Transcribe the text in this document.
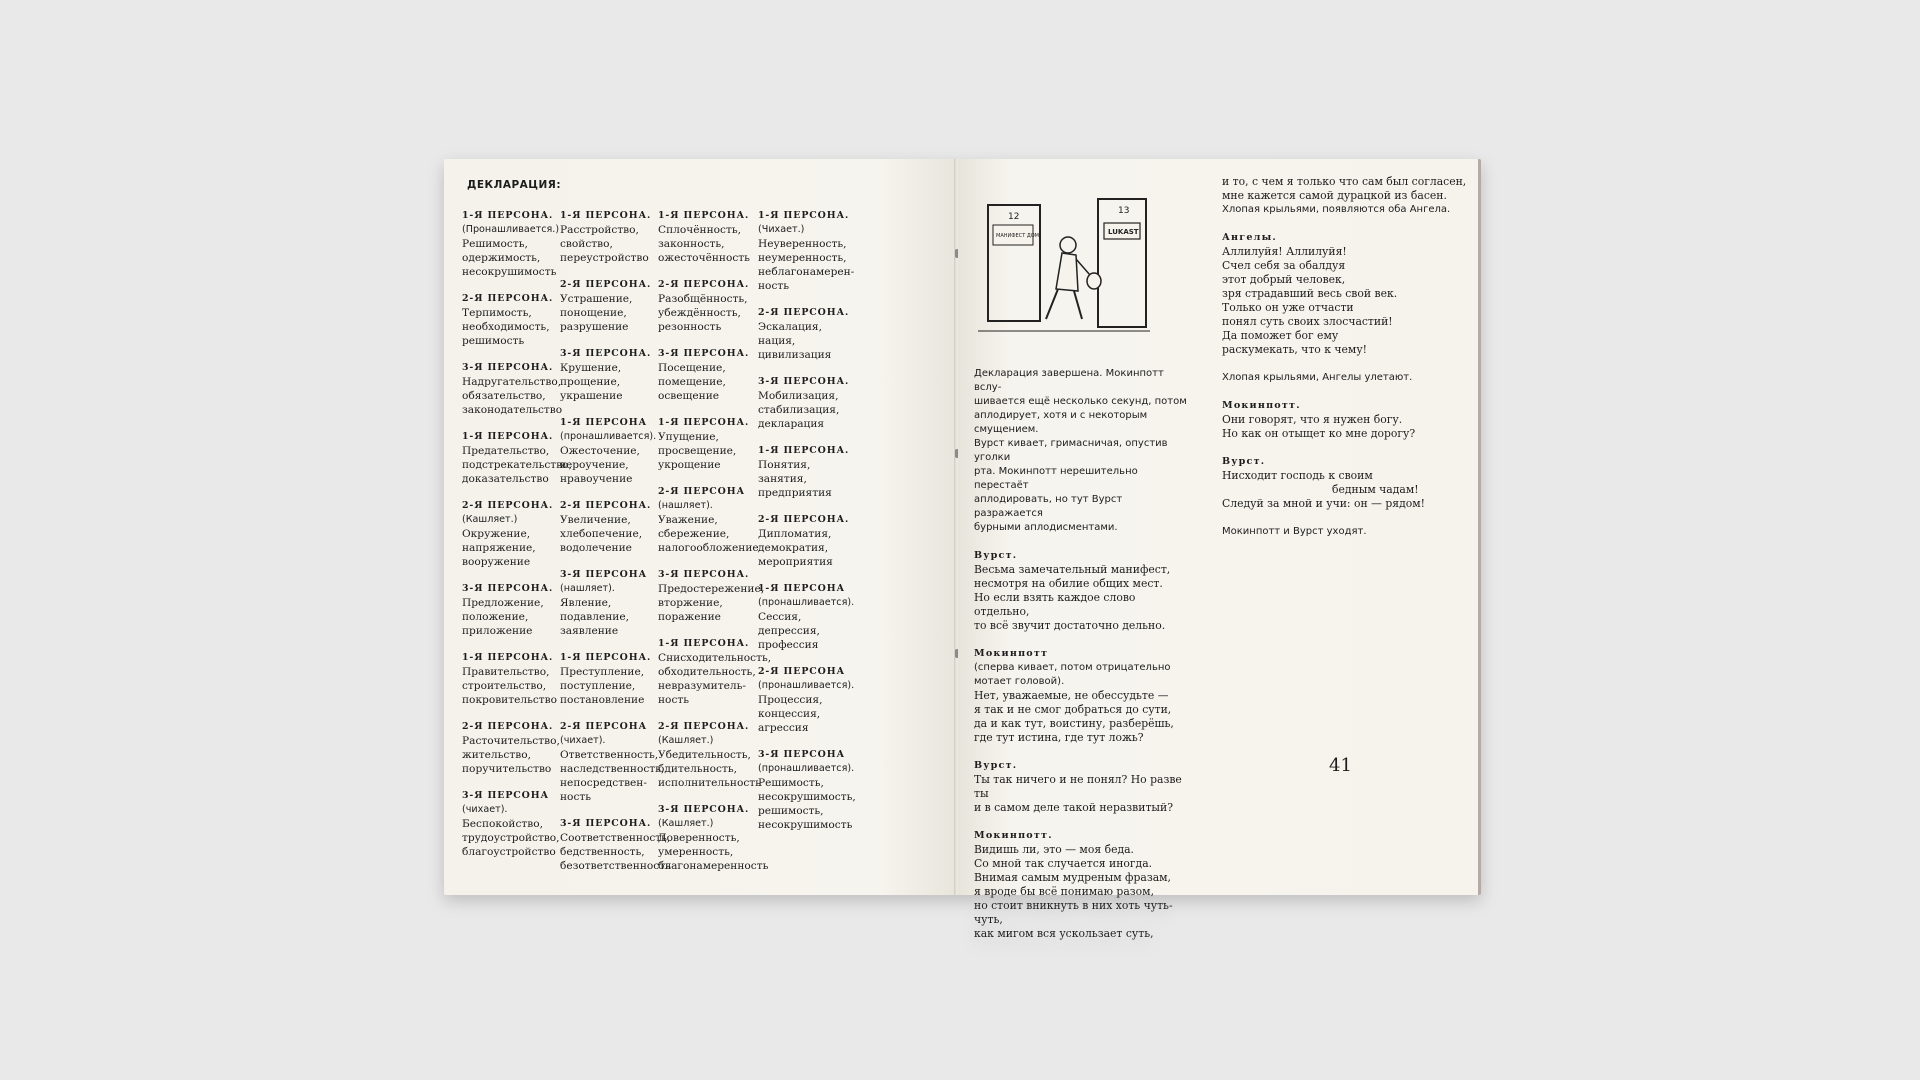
ДЕКЛАРАЦИЯ:
1-Я ПЕРСОНА.
(Пронашливается.)
Решимость,
одержимость,
несокрушимость
2-Я ПЕРСОНА.
Терпимость,
необходимость,
решимость
3-Я ПЕРСОНА.
Надругательство,
обязательство,
законодательство
1-Я ПЕРСОНА.
Предательство,
подстрекательство,
доказательство
2-Я ПЕРСОНА.
(Кашляет.)
Окружение,
напряжение,
вооружение
3-Я ПЕРСОНА.
Предложение,
положение,
приложение
1-Я ПЕРСОНА.
Правительство,
строительство,
покровительство
2-Я ПЕРСОНА.
Расточительство,
жительство,
поручительство
3-Я ПЕРСОНА
(чихает).
Беспокойство,
трудоустройство,
благоустройство
1-Я ПЕРСОНА.
Расстройство,
свойство,
переустройство
2-Я ПЕРСОНА.
Устрашение,
понощение,
разрушение
3-Я ПЕРСОНА.
Крушение,
прощение,
украшение
1-Я ПЕРСОНА
(пронашливается).
Ожесточение,
вероучение,
нравоучение
2-Я ПЕРСОНА.
Увеличение,
хлебопечение,
водолечение
3-Я ПЕРСОНА
(нашляет).
Явление,
подавление,
заявление
1-Я ПЕРСОНА.
Преступление,
поступление,
постановление
2-Я ПЕРСОНА
(чихает).
Ответственность,
наследственность,
непосредствен-
ность
3-Я ПЕРСОНА.
Соответственность,
бедственность,
безответственность
1-Я ПЕРСОНА.
Сплочённость,
законность,
ожесточённость
2-Я ПЕРСОНА.
Разобщённость,
убеждённость,
резонность
3-Я ПЕРСОНА.
Посещение,
помещение,
освещение
1-Я ПЕРСОНА.
Упущение,
просвещение,
укрощение
2-Я ПЕРСОНА
(нашляет).
Уважение,
сбережение,
налогообложение
3-Я ПЕРСОНА.
Предостережение,
вторжение,
поражение
1-Я ПЕРСОНА.
Снисходительность,
обходительность,
невразумитель-
ность
2-Я ПЕРСОНА.
(Кашляет.)
Убедительность,
бдительность,
исполнительность
3-Я ПЕРСОНА.
(Кашляет.)
Доверенность,
умеренность,
благонамеренность
1-Я ПЕРСОНА.
(Чихает.)
Неуверенность,
неумеренность,
неблагонамерен-
ность
2-Я ПЕРСОНА.
Эскалация,
нация,
цивилизация
3-Я ПЕРСОНА.
Мобилизация,
стабилизация,
декларация
1-Я ПЕРСОНА.
Понятия,
занятия,
предприятия
2-Я ПЕРСОНА.
Дипломатия,
демократия,
мероприятия
1-Я ПЕРСОНА
(пронашливается).
Сессия,
депрессия,
профессия
2-Я ПЕРСОНА
(пронашливается).
Процессия,
концессия,
агрессия
3-Я ПЕРСОНА
(пронашливается).
Решимость,
несокрушимость,
решимость,
несокрушимость
12
МАНИФЕСТ ДОМ
13
LUKAST
Декларация завершена. Мокинпотт вслу-
шивается ещё несколько секунд, потом
аплодирует, хотя и с некоторым смущением.
Вурст кивает, гримасничая, опустив уголки
рта. Мокинпотт нерешительно перестаёт
аплодировать, но тут Вурст разражается
бурными аплодисментами.
Вурст.
Весьма замечательный манифест,
несмотря на обилие общих мест.
Но если взять каждое слово отдельно,
то всё звучит достаточно дельно.
Мокинпотт
(сперва кивает, потом отрицательно
мотает головой).
Нет, уважаемые, не обессудьте —
я так и не смог добраться до сути,
да и как тут, воистину, разберёшь,
где тут истина, где тут ложь?
Вурст.
Ты так ничего и не понял? Но разве ты
и в самом деле такой неразвитый?
Мокинпотт.
Видишь ли, это — моя беда.
Со мной так случается иногда.
Внимая самым мудреным фразам,
я вроде бы всё понимаю разом,
но стоит вникнуть в них хоть чуть-чуть,
как мигом вся ускользает суть,
и то, с чем я только что сам был согласен,
мне кажется самой дурацкой из басен.
Хлопая крыльями, появляются оба Ангела.
Ангелы.
Аллилуйя! Аллилуйя!
Счел себя за обалдуя
этот добрый человек,
зря страдавший весь свой век.
Только он уже отчасти
понял суть своих злосчастий!
Да поможет бог ему
раскумекать, что к чему!
Хлопая крыльями, Ангелы улетают.
Мокинпотт.
Они говорят, что я нужен богу.
Но как он отыщет ко мне дорогу?
Вурст.
Нисходит господь к своим
бедным чадам!
Следуй за мной и учи: он — рядом!
Мокинпотт и Вурст уходят.
41
